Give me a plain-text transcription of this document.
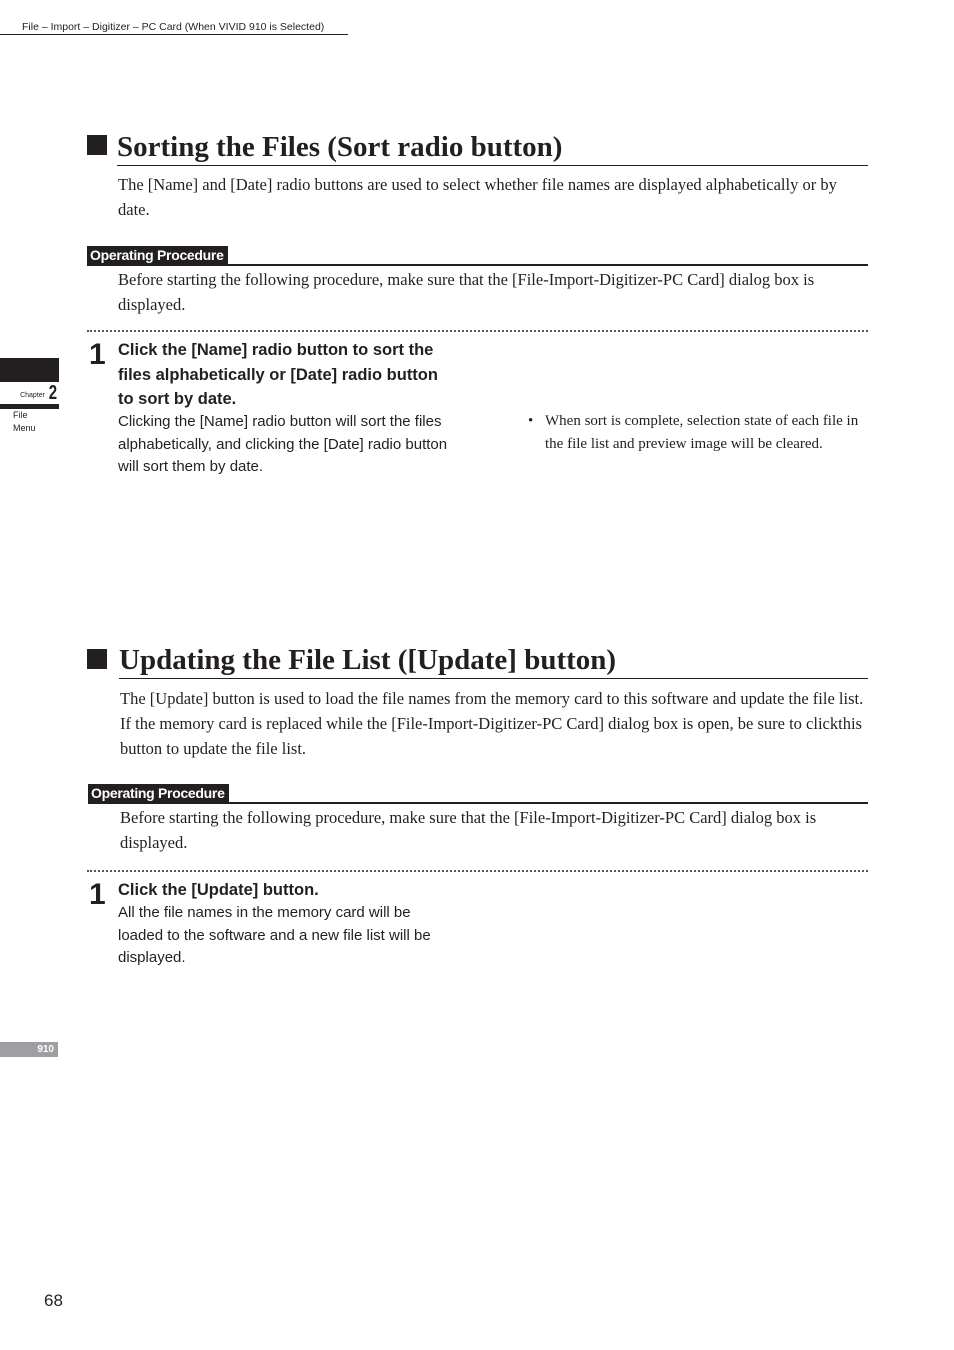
File – Import – Digitizer – PC Card (When VIVID 910 is Selected)
Chapter 2
File
Menu
910
Sorting the Files (Sort radio button)

The [Name] and [Date] radio buttons are used to select whether file names are displayed alphabetically or by date.

Operating Procedure

Before starting the following procedure, make sure that the [File-Import-Digitizer-PC Card] dialog box is displayed.

1 Click the [Name] radio button to sort the files alphabetically or [Date] radio button to sort by date.

Clicking the [Name] radio button will sort the files alphabetically, and clicking the [Date] radio button will sort them by date.

• When sort is complete, selection state of each file in the file list and preview image will be cleared.
Updating the File List ([Update] button)

The [Update] button is used to load the file names from the memory card to this software and update the file list. If the memory card is replaced while the [File-Import-Digitizer-PC Card] dialog box is open, be sure to clickthis button to update the file list.

Operating Procedure

Before starting the following procedure, make sure that the [File-Import-Digitizer-PC Card] dialog box is displayed.

1 Click the [Update] button.

All the file names in the memory card will be loaded to the software and a new file list will be displayed.

68
